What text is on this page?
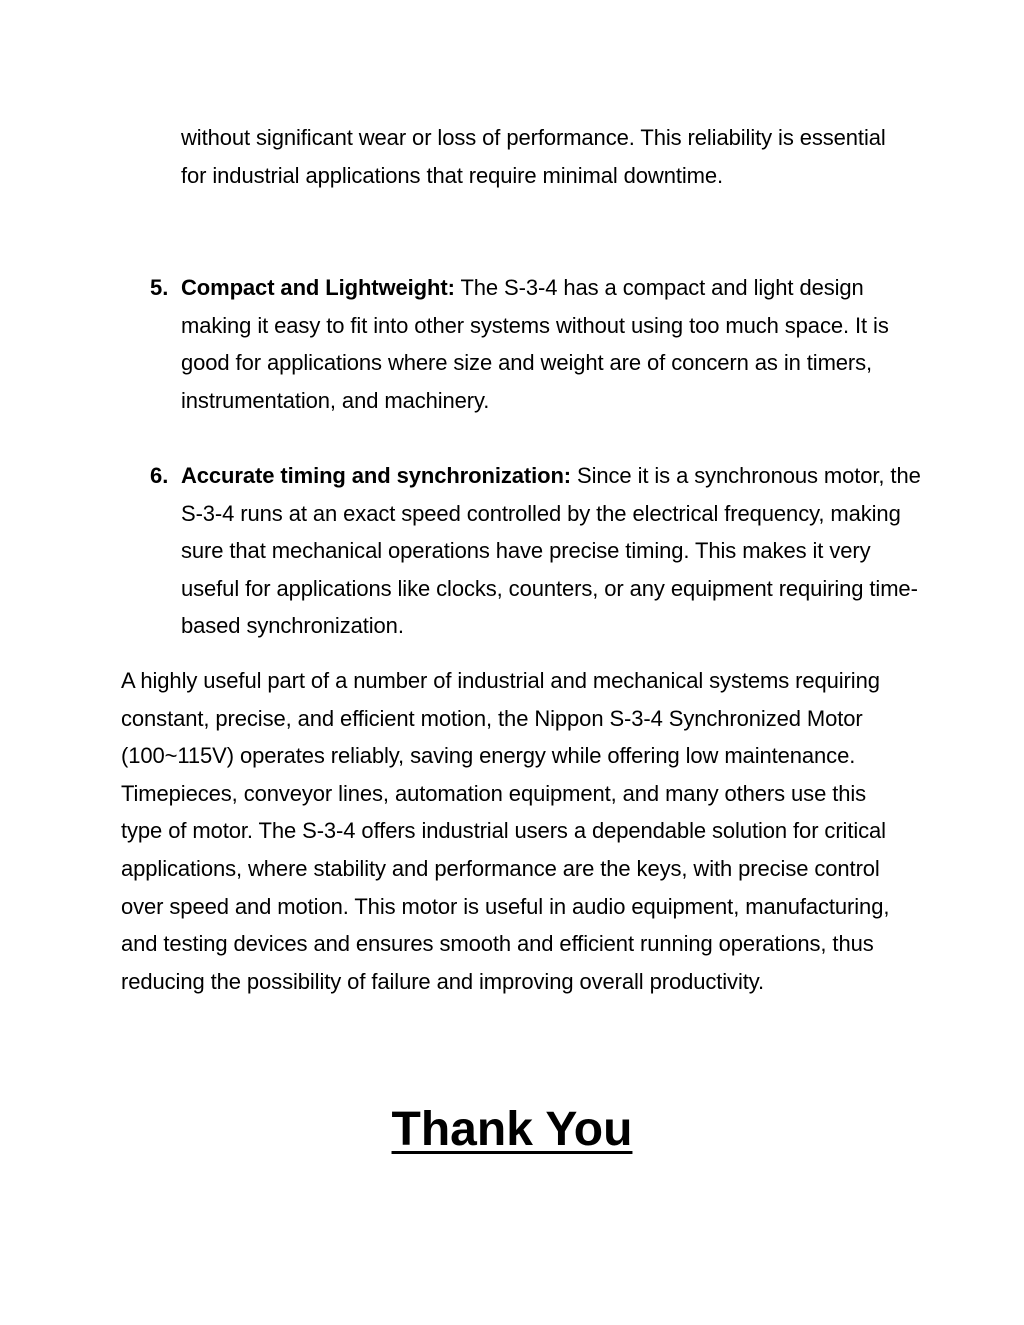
without significant wear or loss of performance. This reliability is essential for industrial applications that require minimal downtime.

5. Compact and Lightweight: The S-3-4 has a compact and light design making it easy to fit into other systems without using too much space. It is good for applications where size and weight are of concern as in timers, instrumentation, and machinery.

6. Accurate timing and synchronization: Since it is a synchronous motor, the S-3-4 runs at an exact speed controlled by the electrical frequency, making sure that mechanical operations have precise timing. This makes it very useful for applications like clocks, counters, or any equipment requiring time-based synchronization.

A highly useful part of a number of industrial and mechanical systems requiring constant, precise, and efficient motion, the Nippon S-3-4 Synchronized Motor (100~115V) operates reliably, saving energy while offering low maintenance. Timepieces, conveyor lines, automation equipment, and many others use this type of motor. The S-3-4 offers industrial users a dependable solution for critical applications, where stability and performance are the keys, with precise control over speed and motion. This motor is useful in audio equipment, manufacturing, and testing devices and ensures smooth and efficient running operations, thus reducing the possibility of failure and improving overall productivity.

Thank You
